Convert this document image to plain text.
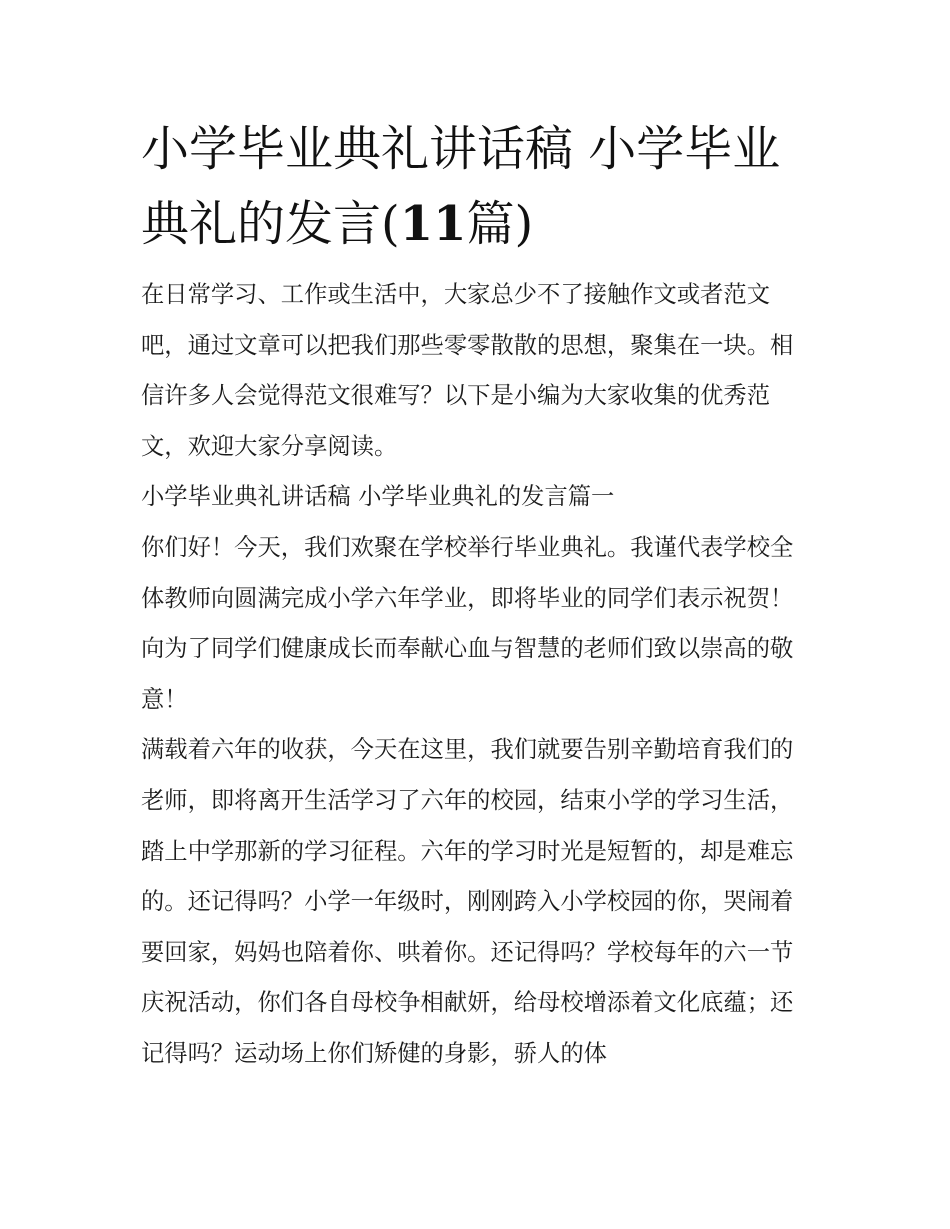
小学毕业典礼讲话稿 小学毕业典礼的发言(11篇)

在日常学习、工作或生活中，大家总少不了接触作文或者范文吧，通过文章可以把我们那些零零散散的思想，聚集在一块。相信许多人会觉得范文很难写？以下是小编为大家收集的优秀范文，欢迎大家分享阅读。

小学毕业典礼讲话稿 小学毕业典礼的发言篇一

你们好！今天，我们欢聚在学校举行毕业典礼。我谨代表学校全体教师向圆满完成小学六年学业，即将毕业的同学们表示祝贺！向为了同学们健康成长而奉献心血与智慧的老师们致以崇高的敬意！

满载着六年的收获，今天在这里，我们就要告别辛勤培育我们的老师，即将离开生活学习了六年的校园，结束小学的学习生活，踏上中学那新的学习征程。六年的学习时光是短暂的，却是难忘的。还记得吗？小学一年级时，刚刚跨入小学校园的你，哭闹着要回家，妈妈也陪着你、哄着你。还记得吗？学校每年的六一节庆祝活动，你们各自母校争相献妍，给母校增添着文化底蕴；还记得吗？运动场上你们矫健的身影，骄人的体
